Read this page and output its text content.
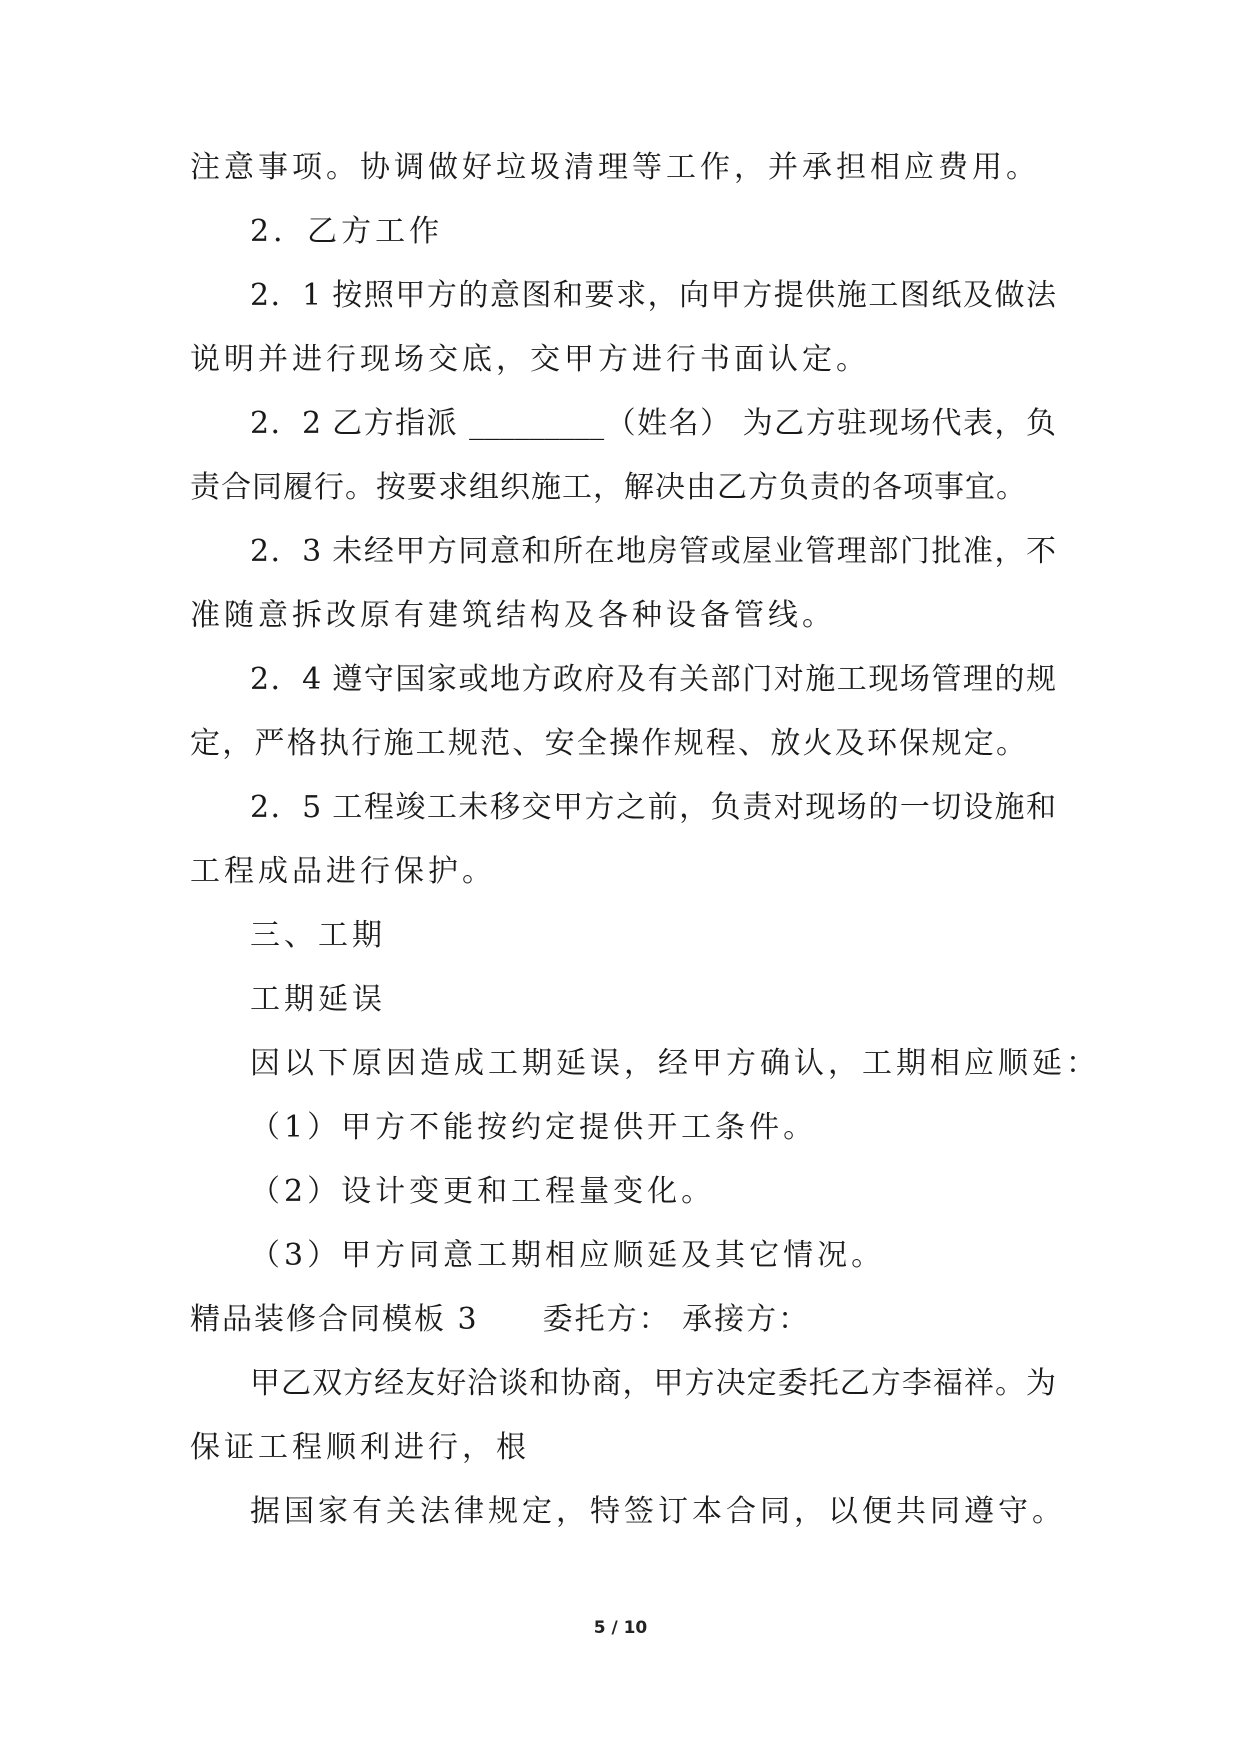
注意事项。协调做好垃圾清理等工作，并承担相应费用。
2．乙方工作
2．1 按照甲方的意图和要求，向甲方提供施工图纸及做法
说明并进行现场交底，交甲方进行书面认定。
2．2 乙方指派 _________（姓名） 为乙方驻现场代表，负
责合同履行。按要求组织施工，解决由乙方负责的各项事宜。
2．3 未经甲方同意和所在地房管或屋业管理部门批准，不
准随意拆改原有建筑结构及各种设备管线。
2．4 遵守国家或地方政府及有关部门对施工现场管理的规
定，严格执行施工规范、安全操作规程、放火及环保规定。
2．5 工程竣工未移交甲方之前，负责对现场的一切设施和
工程成品进行保护。
三、工期
工期延误
因以下原因造成工期延误，经甲方确认，工期相应顺延：
（1）甲方不能按约定提供开工条件。
（2）设计变更和工程量变化。
（3）甲方同意工期相应顺延及其它情况。
精品装修合同模板 3　　委托方： 承接方：
甲乙双方经友好洽谈和协商，甲方决定委托乙方李福祥。为
保证工程顺利进行，根
据国家有关法律规定，特签订本合同，以便共同遵守。
5 / 10
